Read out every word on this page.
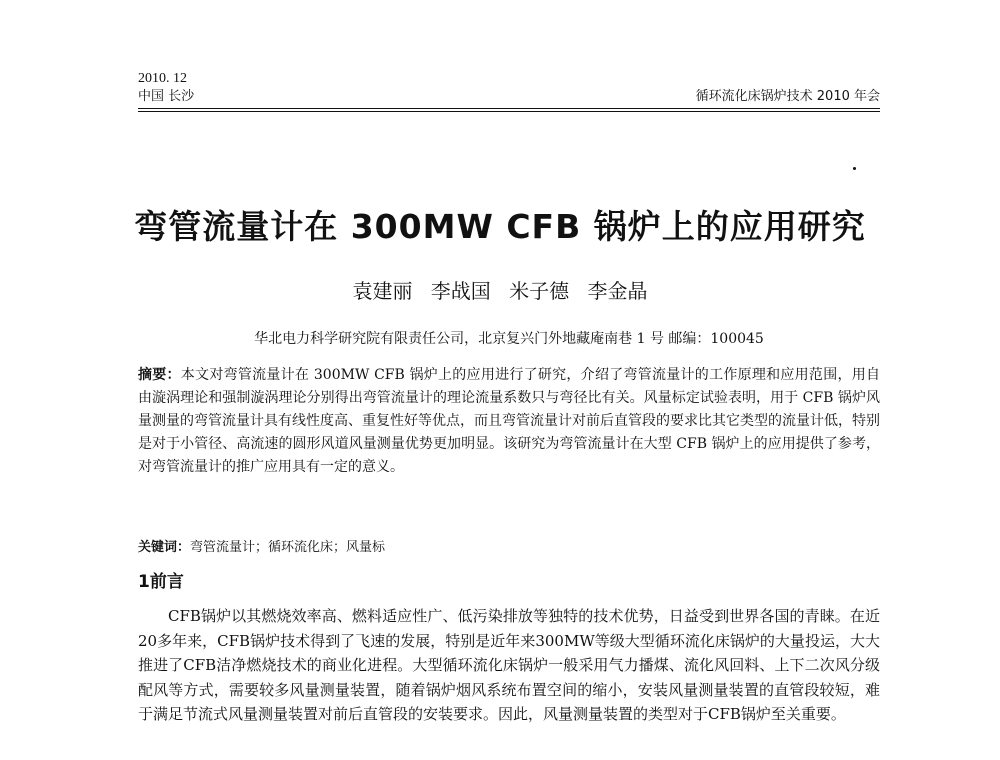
2010. 12
中国 长沙	循环流化床锅炉技术 2010 年会
弯管流量计在 300MW CFB 锅炉上的应用研究
袁建丽 李战国 米子德 李金晶
华北电力科学研究院有限责任公司，北京复兴门外地藏庵南巷 1 号 邮编：100045
摘要：本文对弯管流量计在 300MW CFB 锅炉上的应用进行了研究，介绍了弯管流量计的工作原理和应用范围，用自由漩涡理论和强制漩涡理论分别得出弯管流量计的理论流量系数只与弯径比有关。风量标定试验表明，用于 CFB 锅炉风量测量的弯管流量计具有线性度高、重复性好等优点，而且弯管流量计对前后直管段的要求比其它类型的流量计低，特别是对于小管径、高流速的圆形风道风量测量优势更加明显。该研究为弯管流量计在大型 CFB 锅炉上的应用提供了参考，对弯管流量计的推广应用具有一定的意义。
关键词：弯管流量计；循环流化床；风量标
1前言
CFB锅炉以其燃烧效率高、燃料适应性广、低污染排放等独特的技术优势，日益受到世界各国的青睐。在近20多年来，CFB锅炉技术得到了飞速的发展，特别是近年来300MW等级大型循环流化床锅炉的大量投运，大大推进了CFB洁净燃烧技术的商业化进程。大型循环流化床锅炉一般采用气力播煤、流化风回料、上下二次风分级配风等方式，需要较多风量测量装置，随着锅炉烟风系统布置空间的缩小，安装风量测量装置的直管段较短，难于满足节流式风量测量装置对前后直管段的安装要求。因此，风量测量装置的类型对于CFB锅炉至关重要。
